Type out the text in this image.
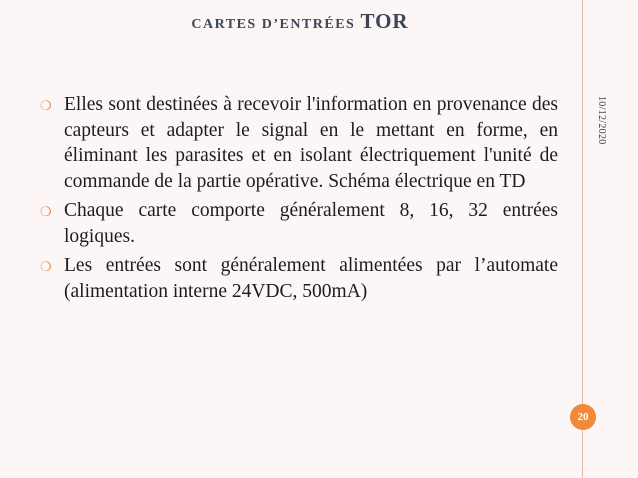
CARTES D’ENTRÉES TOR
10/12/2020
❍ Elles sont destinées à recevoir l'information en provenance des capteurs et adapter le signal en le mettant en forme, en éliminant les parasites et en isolant électriquement l'unité de commande de la partie opérative. Schéma électrique en TD
❍ Chaque carte comporte généralement 8, 16, 32 entrées logiques.
❍ Les entrées sont généralement alimentées par l’automate (alimentation interne 24VDC, 500mA)
20
